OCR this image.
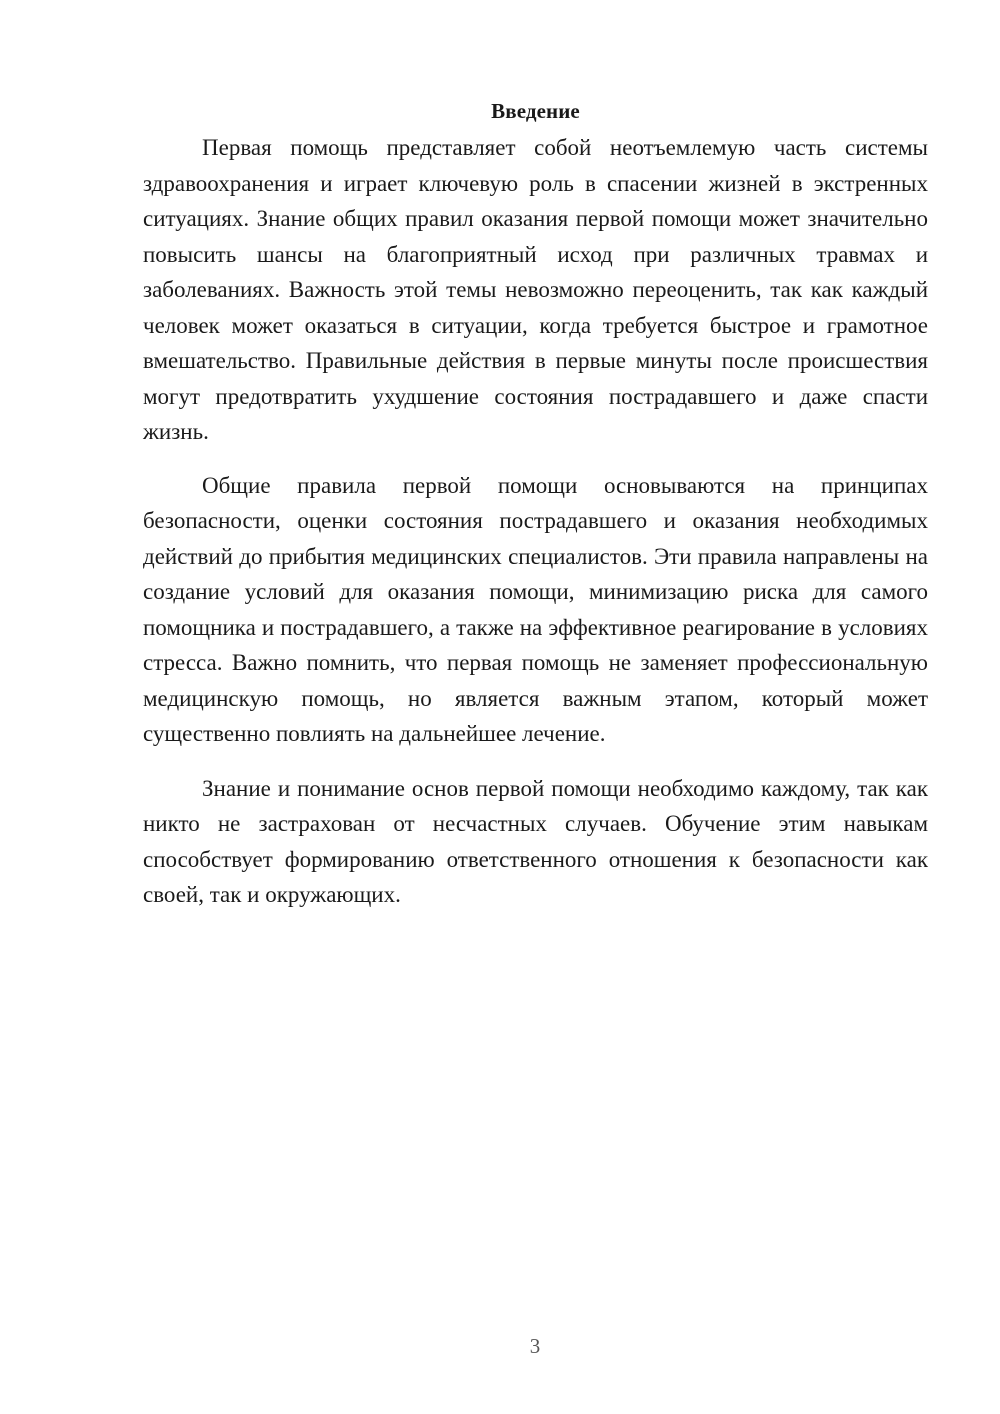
Введение

Первая помощь представляет собой неотъемлемую часть системы здравоохранения и играет ключевую роль в спасении жизней в экстренных ситуациях. Знание общих правил оказания первой помощи может значительно повысить шансы на благоприятный исход при различных травмах и заболеваниях. Важность этой темы невозможно переоценить, так как каждый человек может оказаться в ситуации, когда требуется быстрое и грамотное вмешательство. Правильные действия в первые минуты после происшествия могут предотвратить ухудшение состояния пострадавшего и даже спасти жизнь.

Общие правила первой помощи основываются на принципах безопасности, оценки состояния пострадавшего и оказания необходимых действий до прибытия медицинских специалистов. Эти правила направлены на создание условий для оказания помощи, минимизацию риска для самого помощника и пострадавшего, а также на эффективное реагирование в условиях стресса. Важно помнить, что первая помощь не заменяет профессиональную медицинскую помощь, но является важным этапом, который может существенно повлиять на дальнейшее лечение.

Знание и понимание основ первой помощи необходимо каждому, так как никто не застрахован от несчастных случаев. Обучение этим навыкам способствует формированию ответственного отношения к безопасности как своей, так и окружающих.

3
